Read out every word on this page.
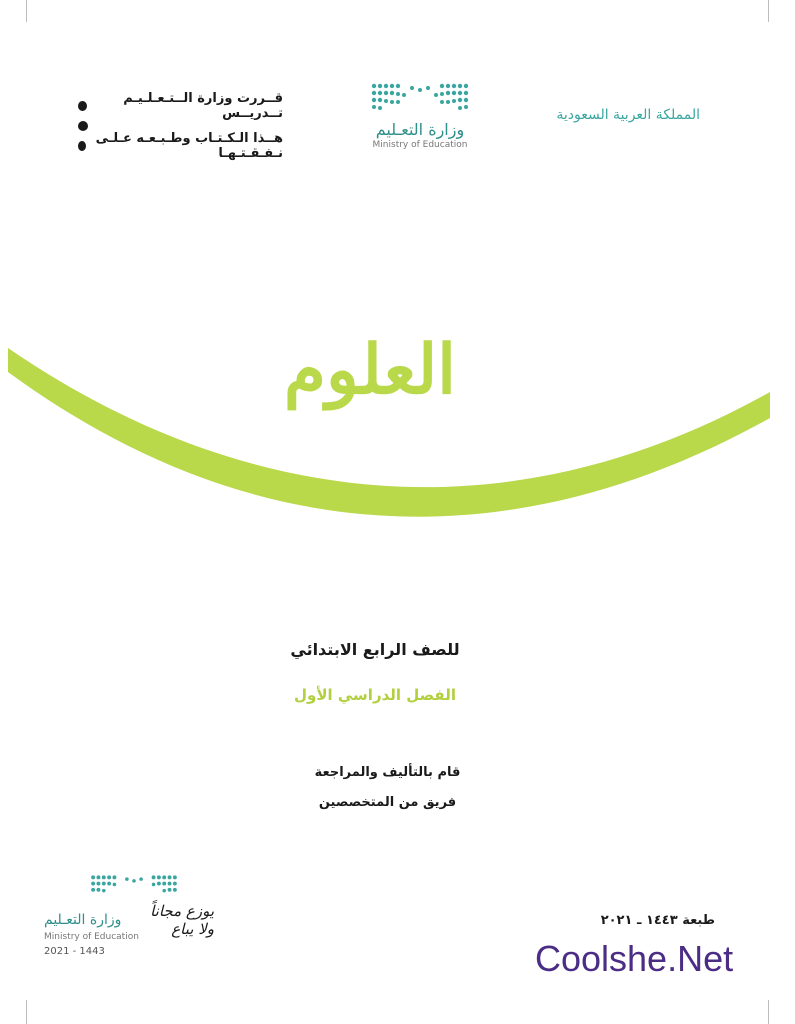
قــررت وزارة الــتـعـلـيـم تــدريــس
هــذا الـكـتـاب وطـبـعـه عـلـى نـفـقـتـهـا
وزارة التعـليم
Ministry of Education
المملكة العربية السعودية
العلوم
للصف الرابع الابتدائي
الفصل الدراسي الأول
قام بالتأليف والمراجعة
فريق من المتخصصين
وزارة التعـليم	يوزع مجاناً ولا يباع
Ministry of Education
2021 - 1443
طبعة ١٤٤٣ ـ ٢٠٢١
Coolshe.Net
